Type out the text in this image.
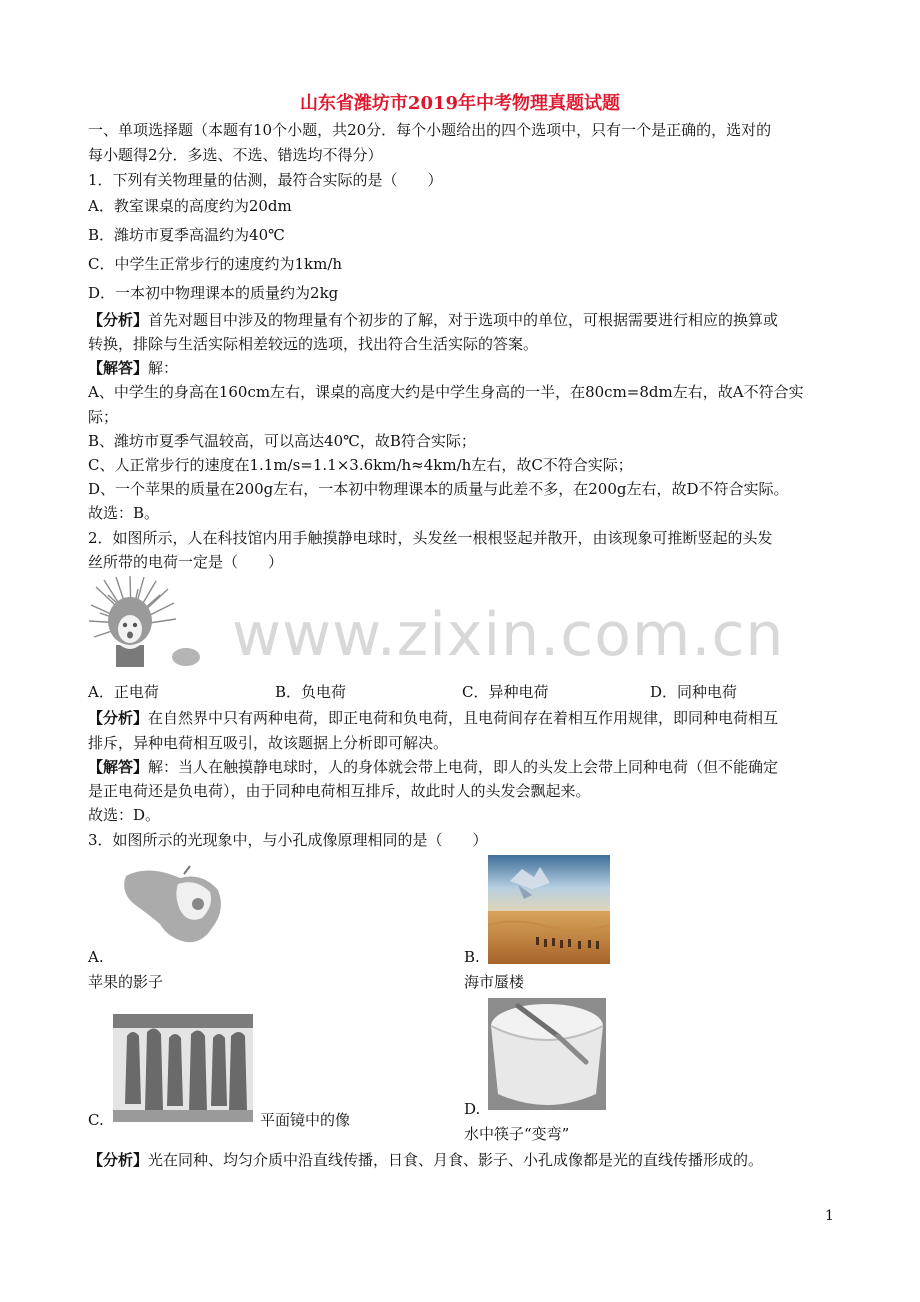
山东省潍坊市2019年中考物理真题试题
一、单项选择题（本题有10个小题，共20分．每个小题给出的四个选项中，只有一个是正确的，选对的
每小题得2分．多选、不选、错选均不得分）
1．下列有关物理量的估测，最符合实际的是（　　）
A．教室课桌的高度约为20dm
B．潍坊市夏季高温约为40℃
C．中学生正常步行的速度约为1km/h
D．一本初中物理课本的质量约为2kg
【分析】首先对题目中涉及的物理量有个初步的了解，对于选项中的单位，可根据需要进行相应的换算或
转换，排除与生活实际相差较远的选项，找出符合生活实际的答案。
【解答】解：
A、中学生的身高在160cm左右，课桌的高度大约是中学生身高的一半，在80cm=8dm左右，故A不符合实
际；
B、潍坊市夏季气温较高，可以高达40℃，故B符合实际；
C、人正常步行的速度在1.1m/s=1.1×3.6km/h≈4km/h左右，故C不符合实际；
D、一个苹果的质量在200g左右，一本初中物理课本的质量与此差不多，在200g左右，故D不符合实际。
故选：B。
2．如图所示，人在科技馆内用手触摸静电球时，头发丝一根根竖起并散开，由该现象可推断竖起的头发
丝所带的电荷一定是（　　）
www.zixin.com.cn
A．正电荷	B．负电荷	C．异种电荷	D．同种电荷
【分析】在自然界中只有两种电荷，即正电荷和负电荷，且电荷间存在着相互作用规律，即同种电荷相互
排斥，异种电荷相互吸引，故该题据上分析即可解决。
【解答】解：当人在触摸静电球时，人的身体就会带上电荷，即人的头发上会带上同种电荷（但不能确定
是正电荷还是负电荷），由于同种电荷相互排斥，故此时人的头发会飘起来。
故选：D。
3．如图所示的光现象中，与小孔成像原理相同的是（　　）
A.
苹果的影子
B.
海市蜃楼
C.	平面镜中的像
D.
水中筷子“变弯”
【分析】光在同种、均匀介质中沿直线传播，日食、月食、影子、小孔成像都是光的直线传播形成的。
1
